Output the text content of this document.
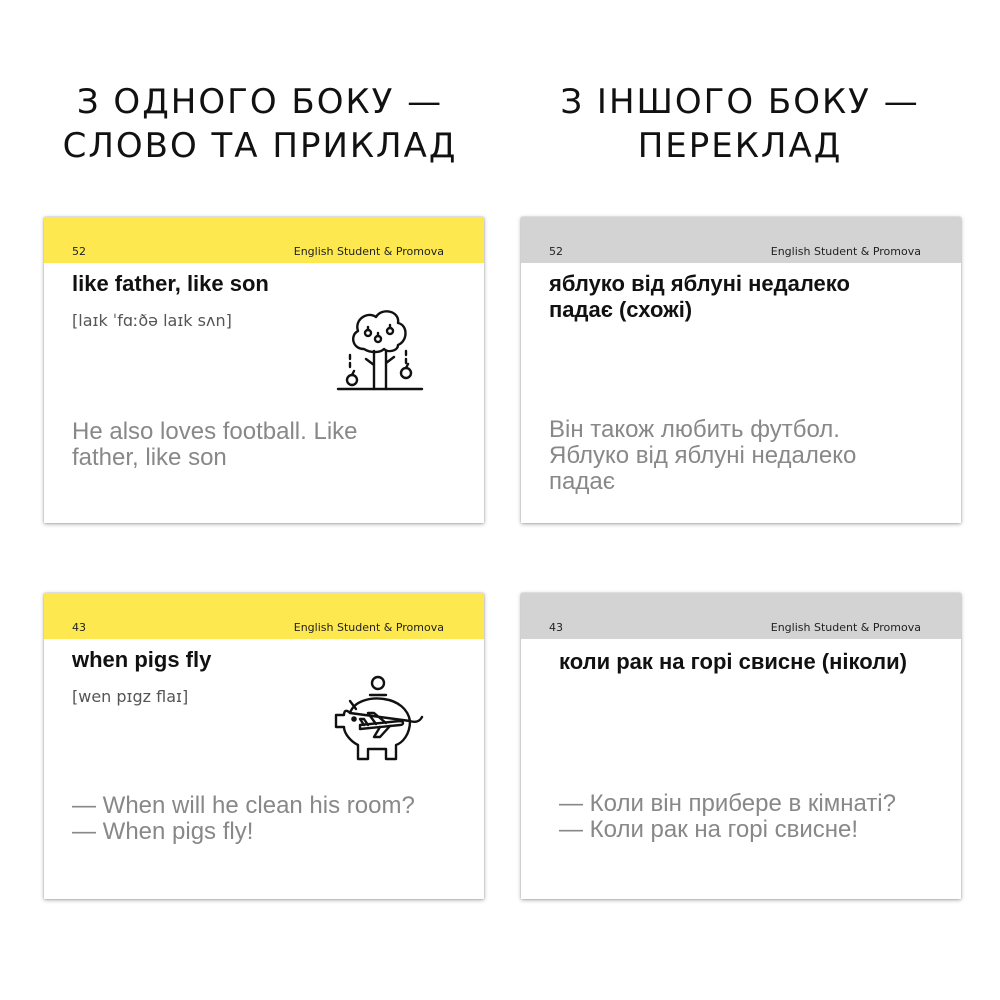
З ОДНОГО БОКУ —
СЛОВО ТА ПРИКЛАД
З ІНШОГО БОКУ —
ПЕРЕКЛАД
52	English Student & Promova
like father, like son
[laɪk ˈfɑːðə laɪk sʌn]
He also loves football. Like
father, like son
52	English Student & Promova
яблуко від яблуні недалеко падає (схожі)
Він також любить футбол.
Яблуко від яблуні недалеко
падає
43	English Student & Promova
when pigs fly
[wen pɪgz flaɪ]
— When will he clean his room?
— When pigs fly!
43	English Student & Promova
коли рак на горі свисне (ніколи)
— Коли він прибере в кімнаті?
— Коли рак на горі свисне!
